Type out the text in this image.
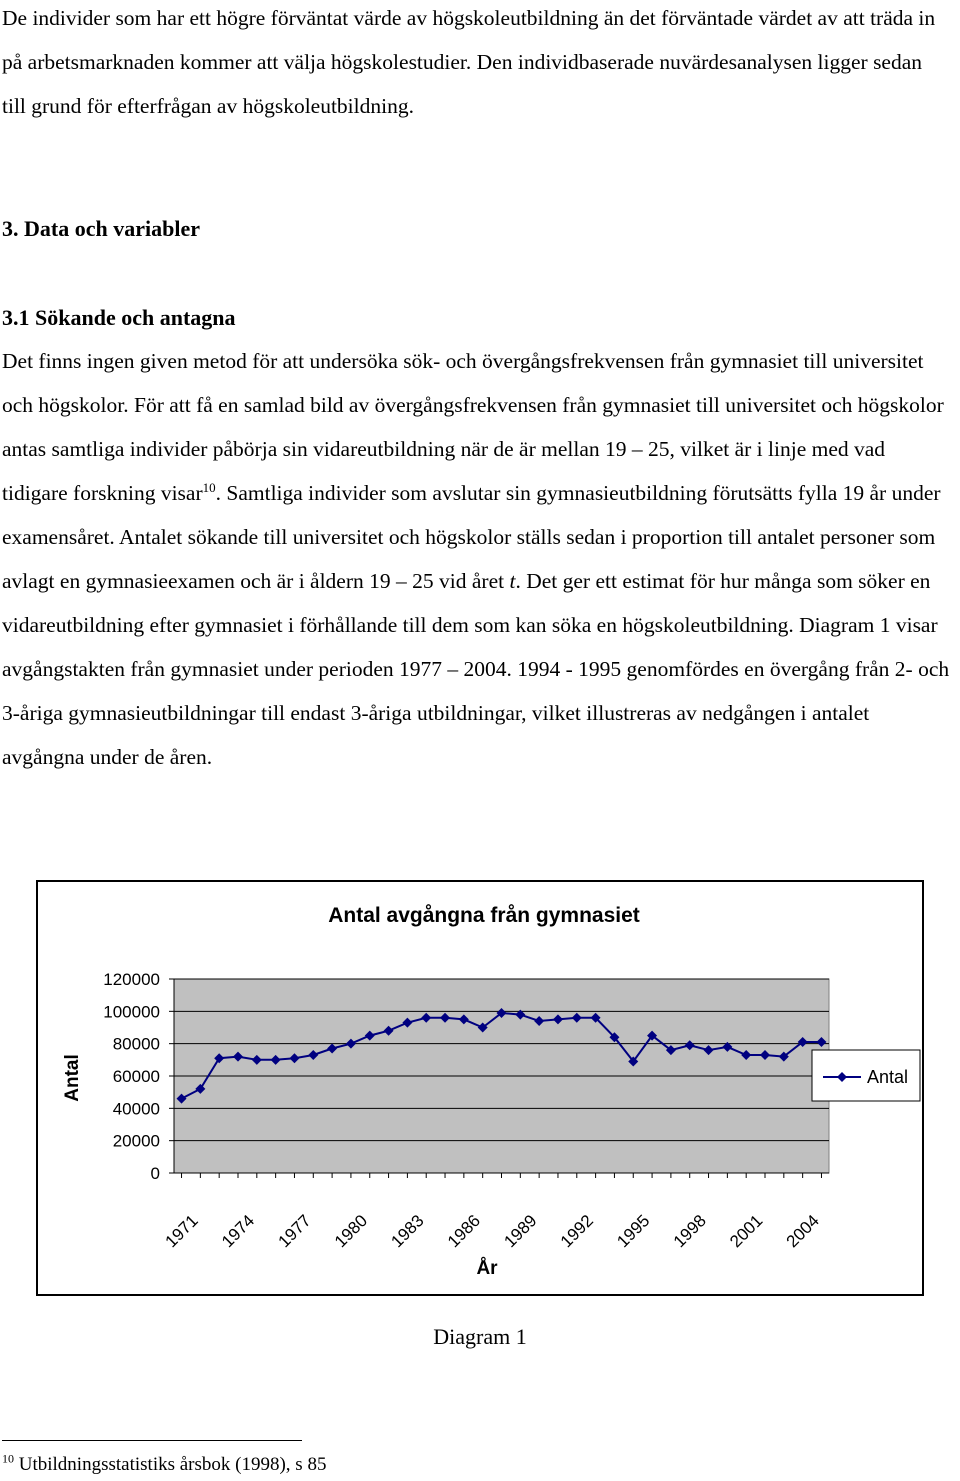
De individer som har ett högre förväntat värde av högskoleutbildning än det förväntade värdet av att träda in på arbetsmarknaden kommer att välja högskolestudier. Den individbaserade nuvärdesanalysen ligger sedan till grund för efterfrågan av högskoleutbildning.

3. Data och variabler
3.1 Sökande och antagna

Det finns ingen given metod för att undersöka sök- och övergångsfrekvensen från gymnasiet till universitet och högskolor. För att få en samlad bild av övergångsfrekvensen från gymnasiet till universitet och högskolor antas samtliga individer påbörja sin vidareutbildning när de är mellan 19 – 25, vilket är i linje med vad tidigare forskning visar$^{10}$. Samtliga individer som avslutar sin gymnasieutbildning förutsätts fylla 19 år under examensåret. Antalet sökande till universitet och högskolor ställs sedan i proportion till antalet personer som avlagt en gymnasieexamen och är i åldern 19 – 25 vid året t. Det ger ett estimat för hur många som söker en vidareutbildning efter gymnasiet i förhållande till dem som kan söka en högskoleutbildning. Diagram 1 visar avgångstakten från gymnasiet under perioden 1977 – 2004. 1994 - 1995 genomfördes en övergång från 2- och 3-åriga gymnasieutbildningar till endast 3-åriga utbildningar, vilket illustreras av nedgången i antalet avgångna under de åren.

Antal avgångna från gymnasiet
120000
100000
80000
60000
40000
20000
0
1971 1974 1977 1980 1983 1986 1989 1992 1995 1998 2001 2004
Antal
År
Antal
Diagram 1
$^{10}$ Utbildningsstatistiks årsbok (1998), s 85
